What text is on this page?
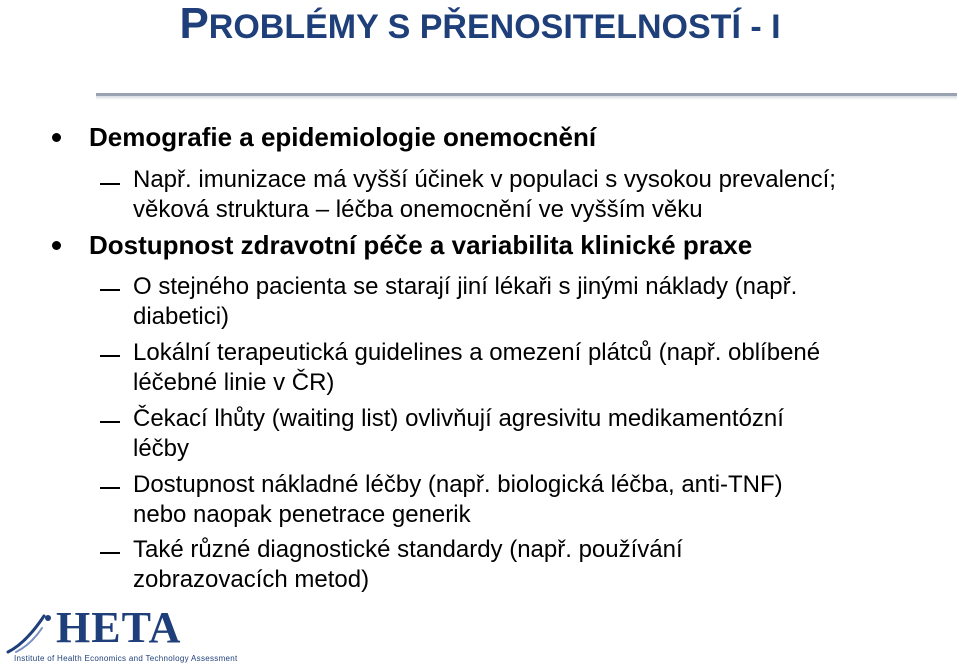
PROBLÉMY S PŘENOSITELNOSTÍ - I
Demografie a epidemiologie onemocnění
Např. imunizace má vyšší účinek v populaci s vysokou prevalencí;
věková struktura – léčba onemocnění ve vyšším věku
Dostupnost zdravotní péče a variabilita klinické praxe
O stejného pacienta se starají jiní lékaři s jinými náklady (např.
diabetici)
Lokální terapeutická guidelines a omezení plátců (např. oblíbené
léčebné linie v ČR)
Čekací lhůty (waiting list) ovlivňují agresivitu medikamentózní
léčby
Dostupnost nákladné léčby (např. biologická léčba, anti-TNF)
nebo naopak penetrace generik
Také různé diagnostické standardy (např. používání
zobrazovacích metod)
HETA
Institute of Health Economics and Technology Assessment
